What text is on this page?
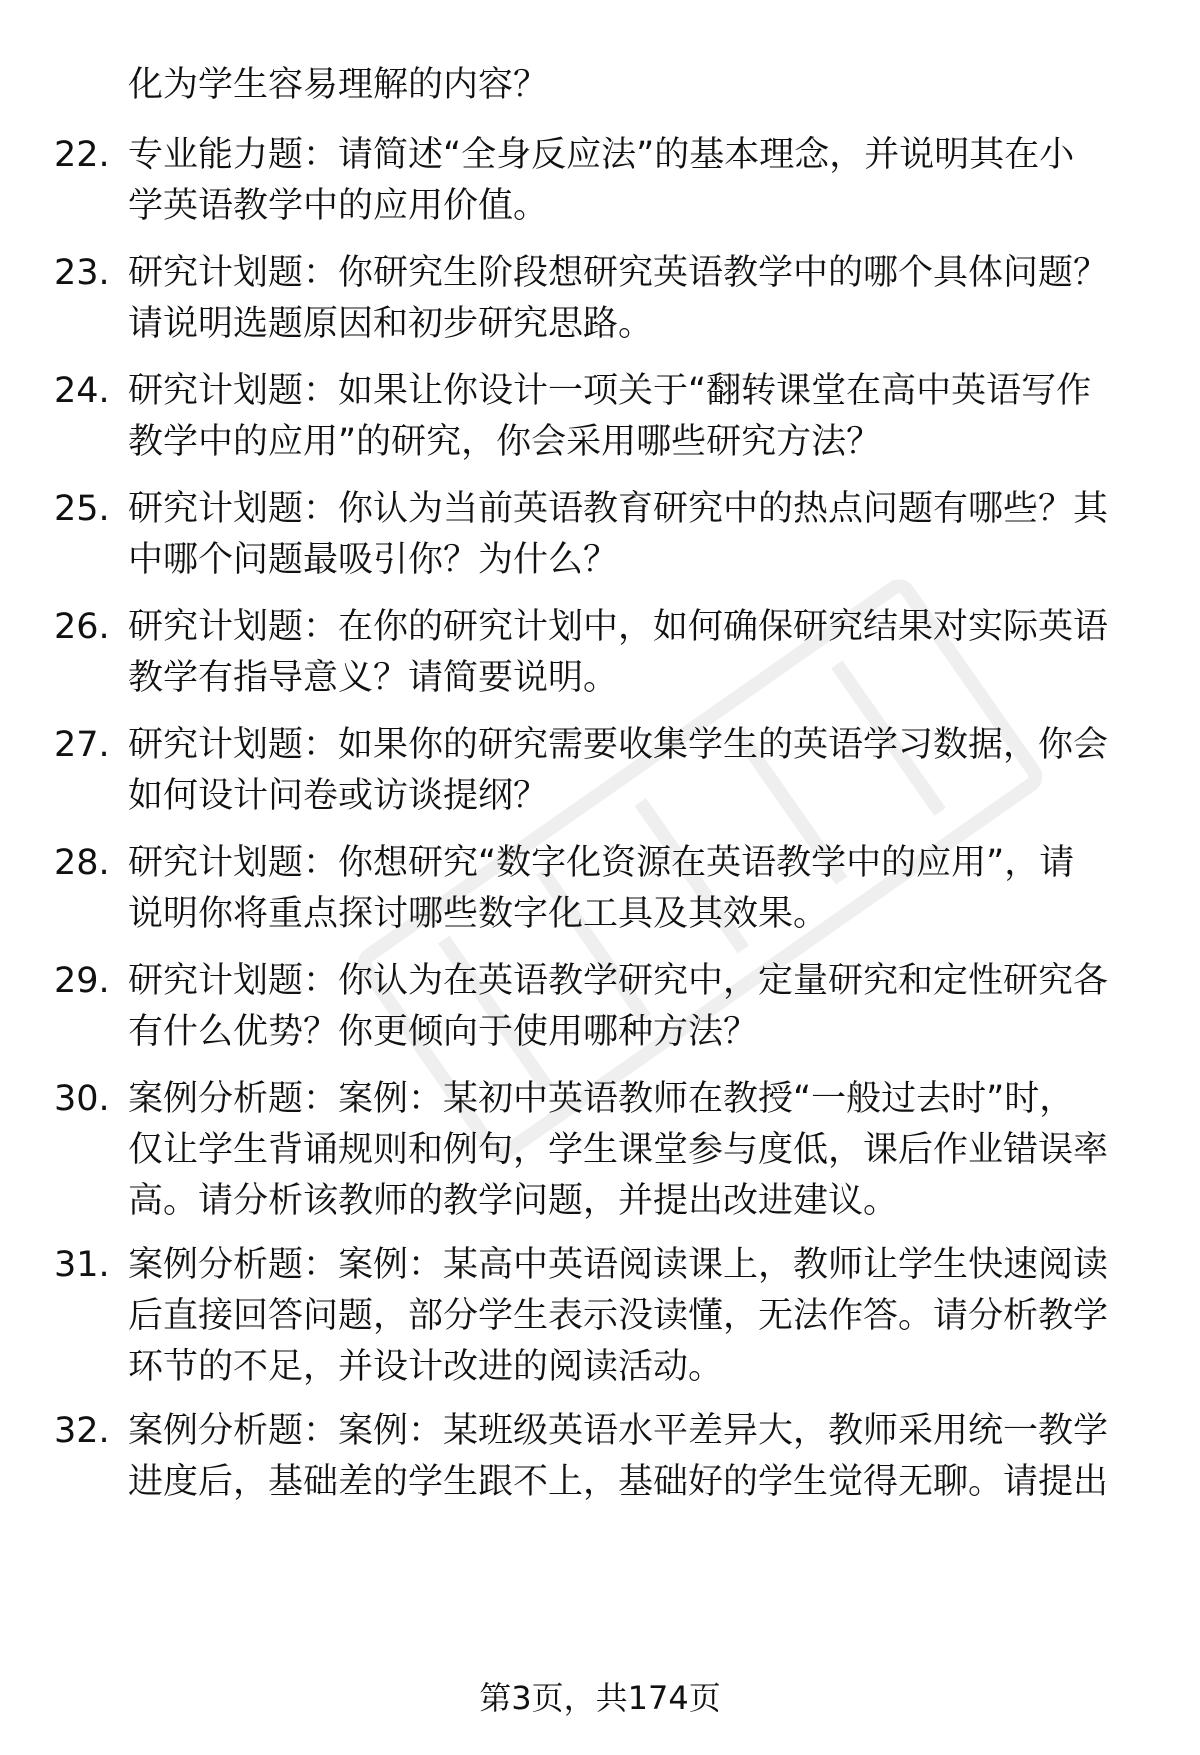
化为学生容易理解的内容？
22. 专业能力题：请简述“全身反应法”的基本理念，并说明其在小
学英语教学中的应用价值。
23. 研究计划题：你研究生阶段想研究英语教学中的哪个具体问题？
请说明选题原因和初步研究思路。
24. 研究计划题：如果让你设计一项关于“翻转课堂在高中英语写作
教学中的应用”的研究，你会采用哪些研究方法？
25. 研究计划题：你认为当前英语教育研究中的热点问题有哪些？其
中哪个问题最吸引你？为什么？
26. 研究计划题：在你的研究计划中，如何确保研究结果对实际英语
教学有指导意义？请简要说明。
27. 研究计划题：如果你的研究需要收集学生的英语学习数据，你会
如何设计问卷或访谈提纲？
28. 研究计划题：你想研究“数字化资源在英语教学中的应用”，请
说明你将重点探讨哪些数字化工具及其效果。
29. 研究计划题：你认为在英语教学研究中，定量研究和定性研究各
有什么优势？你更倾向于使用哪种方法？
30. 案例分析题：案例：某初中英语教师在教授“一般过去时”时，
仅让学生背诵规则和例句，学生课堂参与度低，课后作业错误率
高。请分析该教师的教学问题，并提出改进建议。
31. 案例分析题：案例：某高中英语阅读课上，教师让学生快速阅读
后直接回答问题，部分学生表示没读懂，无法作答。请分析教学
环节的不足，并设计改进的阅读活动。
32. 案例分析题：案例：某班级英语水平差异大，教师采用统一教学
进度后，基础差的学生跟不上，基础好的学生觉得无聊。请提出
第3页，共174页
